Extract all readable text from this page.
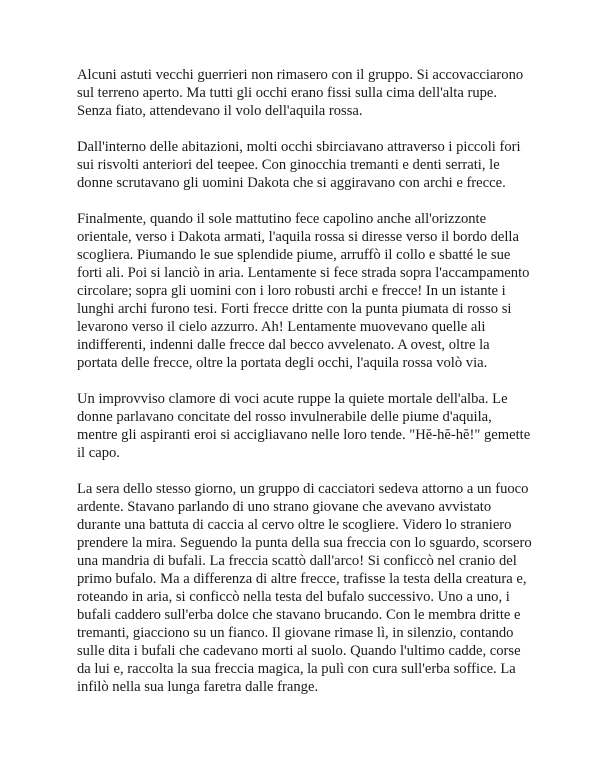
Alcuni astuti vecchi guerrieri non rimasero con il gruppo. Si accovacciarono sul terreno aperto. Ma tutti gli occhi erano fissi sulla cima dell'alta rupe. Senza fiato, attendevano il volo dell'aquila rossa.

Dall'interno delle abitazioni, molti occhi sbirciavano attraverso i piccoli fori sui risvolti anteriori del teepee. Con ginocchia tremanti e denti serrati, le donne scrutavano gli uomini Dakota che si aggiravano con archi e frecce.

Finalmente, quando il sole mattutino fece capolino anche all'orizzonte orientale, verso i Dakota armati, l'aquila rossa si diresse verso il bordo della scogliera. Piumando le sue splendide piume, arruffò il collo e sbatté le sue forti ali. Poi si lanciò in aria. Lentamente si fece strada sopra l'accampamento circolare; sopra gli uomini con i loro robusti archi e frecce! In un istante i lunghi archi furono tesi. Forti frecce dritte con la punta piumata di rosso si levarono verso il cielo azzurro. Ah! Lentamente muovevano quelle ali indifferenti, indenni dalle frecce dal becco avvelenato. A ovest, oltre la portata delle frecce, oltre la portata degli occhi, l'aquila rossa volò via.

Un improvviso clamore di voci acute ruppe la quiete mortale dell'alba. Le donne parlavano concitate del rosso invulnerabile delle piume d'aquila, mentre gli aspiranti eroi si accigliavano nelle loro tende. "Hĕ-hĕ-hĕ!" gemette il capo.

La sera dello stesso giorno, un gruppo di cacciatori sedeva attorno a un fuoco ardente. Stavano parlando di uno strano giovane che avevano avvistato durante una battuta di caccia al cervo oltre le scogliere. Videro lo straniero prendere la mira. Seguendo la punta della sua freccia con lo sguardo, scorsero una mandria di bufali. La freccia scattò dall'arco! Si conficcò nel cranio del primo bufalo. Ma a differenza di altre frecce, trafisse la testa della creatura e, roteando in aria, si conficcò nella testa del bufalo successivo. Uno a uno, i bufali caddero sull'erba dolce che stavano brucando. Con le membra dritte e tremanti, giacciono su un fianco. Il giovane rimase lì, in silenzio, contando sulle dita i bufali che cadevano morti al suolo. Quando l'ultimo cadde, corse da lui e, raccolta la sua freccia magica, la pulì con cura sull'erba soffice. La infilò nella sua lunga faretra dalle frange.
